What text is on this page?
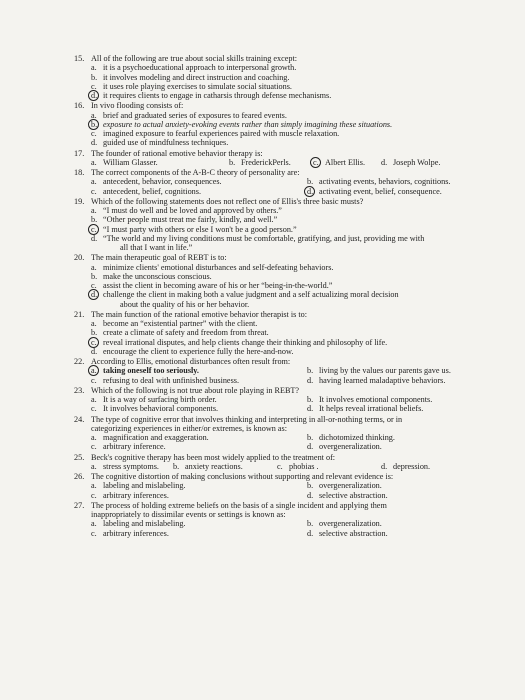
15. All of the following are true about social skills training except:
a. it is a psychoeducational approach to interpersonal growth.
b. it involves modeling and direct instruction and coaching.
c. it uses role playing exercises to simulate social situations.
d. it requires clients to engage in catharsis through defense mechanisms.
16. In vivo flooding consists of:
a. brief and graduated series of exposures to feared events.
b. exposure to actual anxiety-evoking events rather than simply imagining these situations.
c. imagined exposure to fearful experiences paired with muscle relaxation.
d. guided use of mindfulness techniques.
17. The founder of rational emotive behavior therapy is:
a. William Glasser.	b. FrederickPerls.	c. Albert Ellis. d. Joseph Wolpe.
18. The correct components of the A-B-C theory of personality are:
a. antecedent, behavior, consequences.	b. activating events, behaviors, cognitions.
c. antecedent, belief, cognitions.	d. activating event, belief, consequence.
19. Which of the following statements does not reflect one of Ellis's three basic musts?
a. “I must do well and be loved and approved by others.”
b. “Other people must treat me fairly, kindly, and well.”
c. “I must party with others or else I won't be a good person.”
d. “The world and my living conditions must be comfortable, gratifying, and just, providing me with
all that I want in life.”
20. The main therapeutic goal of REBT is to:
a. minimize clients' emotional disturbances and self-defeating behaviors.
b. make the unconscious conscious.
c. assist the client in becoming aware of his or her “being-in-the-world.”
d. challenge the client in making both a value judgment and a self actualizing moral decision
about the quality of his or her behavior.
21. The main function of the rational emotive behavior therapist is to:
a. become an “existential partner” with the client.
b. create a climate of safety and freedom from threat.
c. reveal irrational disputes, and help clients change their thinking and philosophy of life.
d. encourage the client to experience fully the here-and-now.
22. According to Ellis, emotional disturbances often result from:
a. taking oneself too seriously.	b. living by the values our parents gave us.
c. refusing to deal with unfinished business.	d. having learned maladaptive behaviors.
23. Which of the following is not true about role playing in REBT?
a. It is a way of surfacing birth order.	b. It involves emotional components.
c. It involves behavioral components.	d. It helps reveal irrational beliefs.
24. The type of cognitive error that involves thinking and interpreting in all-or-nothing terms, or in
categorizing experiences in either/or extremes, is known as:
a. magnification and exaggeration.	b. dichotomized thinking.
c. arbitrary inference.	d. overgeneralization.
25. Beck's cognitive therapy has been most widely applied to the treatment of:
a. stress symptoms. b. anxiety reactions.	c. phobias .	d. depression.
26. The cognitive distortion of making conclusions without supporting and relevant evidence is:
a. labeling and mislabeling.	b. overgeneralization.
c. arbitrary inferences.	d. selective abstraction.
27. The process of holding extreme beliefs on the basis of a single incident and applying them
inappropriately to dissimilar events or settings is known as:
a. labeling and mislabeling.	b. overgeneralization.
c. arbitrary inferences.	d. selective abstraction.
